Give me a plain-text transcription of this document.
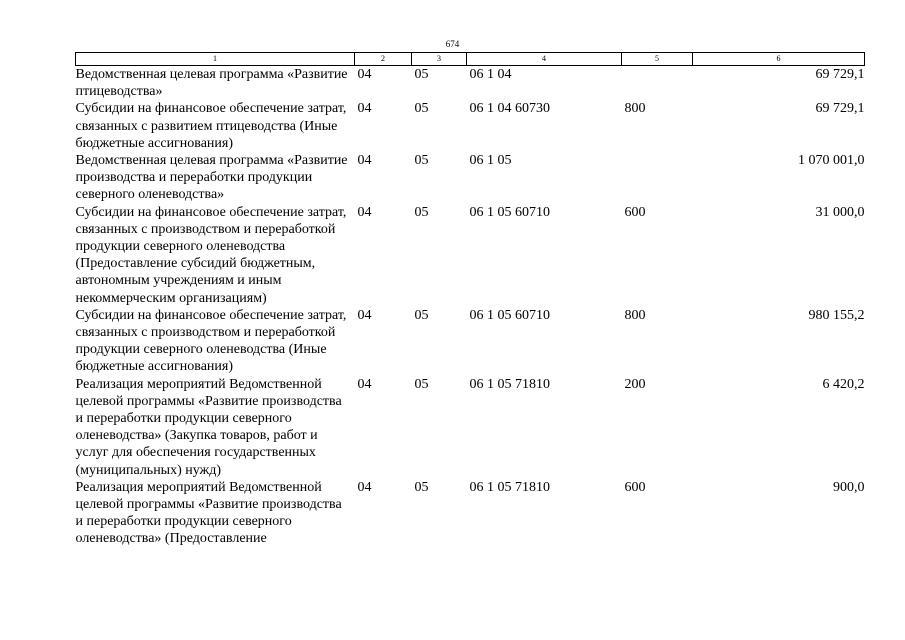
674
1	2	3	4	5	6
Ведомственная целевая программа «Развитие птицеводства»	04	05	06 1 04		69 729,1
Субсидии на финансовое обеспечение затрат, связанных с развитием птицеводства (Иные бюджетные ассигнования)	04	05	06 1 04 60730	800	69 729,1
Ведомственная целевая программа «Развитие производства и переработки продукции северного оленеводства»	04	05	06 1 05		1 070 001,0
Субсидии на финансовое обеспечение затрат, связанных с производством и переработкой продукции северного оленеводства (Предоставление субсидий бюджетным, автономным учреждениям и иным некоммерческим организациям)	04	05	06 1 05 60710	600	31 000,0
Субсидии на финансовое обеспечение затрат, связанных с производством и переработкой продукции северного оленеводства (Иные бюджетные ассигнования)	04	05	06 1 05 60710	800	980 155,2
Реализация мероприятий Ведомственной целевой программы «Развитие производства и переработки продукции северного оленеводства» (Закупка товаров, работ и услуг для обеспечения государственных (муниципальных) нужд)	04	05	06 1 05 71810	200	6 420,2
Реализация мероприятий Ведомственной целевой программы «Развитие производства и переработки продукции северного оленеводства» (Предоставление	04	05	06 1 05 71810	600	900,0
